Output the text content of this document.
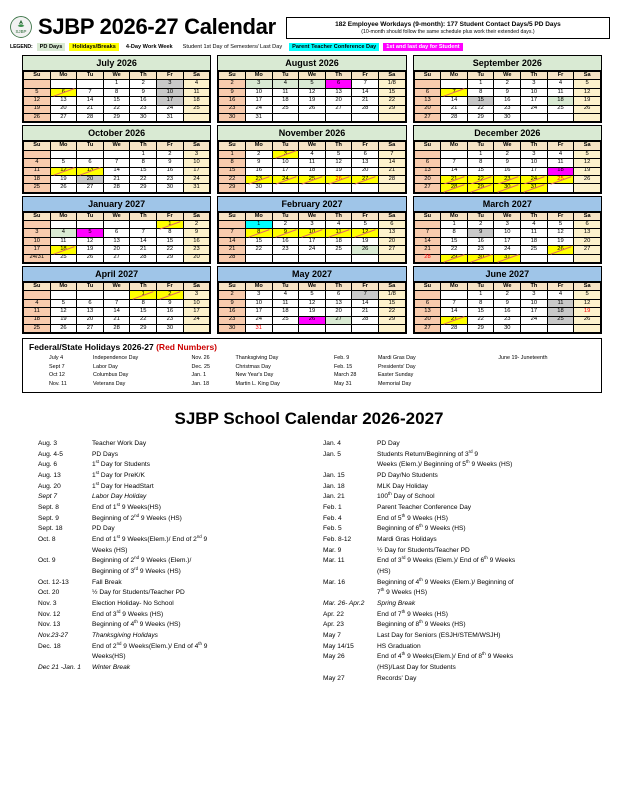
SJBP SJBP 2026-27 Calendar	182 Employee Workdays (9-month): 177 Student Contact Days/5 PD Days
(10-month should follow the same schedule plus work their extended days.)
LEGEND:	PD Days	Holidays/Breaks	4-Day Work Week	Student 1st Day of Semesters/ Last Day	Parent Teacher Conference Day	1st and last day for Student
July 2026
Su	Mo	Tu	We	Th	Fr	Sa
			1	2	3	4
5	6	7	8	9	10	11
12	13	14	15	16	17	18
19	20	21	22	23	24	25
26	27	28	29	30	31	
August 2026
Su	Mo	Tu	We	Th	Fr	Sa
2	3	4	5	6	7	1/8
9	10	11	12	13	14	15
16	17	18	19	20	21	22
23	24	25	26	27	28	29
30	31					
September 2026
Su	Mo	Tu	We	Th	Fr	Sa
		1	2	3	4	5
6	7	8	9	10	11	12
13	14	15	16	17	18	19
20	21	22	23	24	25	26
27	28	29	30			
October 2026
Su	Mo	Tu	We	Th	Fr	Sa
				1	2	3
4	5	6	7	8	9	10
11	12	13	14	15	16	17
18	19	20	21	22	23	24
25	26	27	28	29	30	31
November 2026
Su	Mo	Tu	We	Th	Fr	Sa
1	2	3	4	5	6	7
8	9	10	11	12	13	14
15	16	17	18	19	20	21
22	23	24	25	26	27	28
29	30					
December 2026
Su	Mo	Tu	We	Th	Fr	Sa
		1	2	3	4	5
6	7	8	9	10	11	12
13	14	15	16	17	18	19
20	21	22	23	24	25	26
27	28	29	30	31		
January 2027
Su	Mo	Tu	We	Th	Fr	Sa
					1	2
3	4	5	6	7	8	9
10	11	12	13	14	15	16
17	18	19	20	21	22	23
24/31	25	26	27	28	29	20
February 2027
Su	Mo	Tu	We	Th	Fr	Sa
	1	2	3	4	5	6
7	8	9	10	11	12	13
14	15	16	17	18	19	20
21	22	23	24	25	26	27
28						
March 2027
Su	Mo	Tu	We	Th	Fr	Sa
	1	2	3	4	5	6
7	8	9	10	11	12	13
14	15	16	17	18	19	20
21	22	23	24	25	26	27
28	29	30	31			
April 2027
Su	Mo	Tu	We	Th	Fr	Sa
				1	2	3
4	5	6	7	8	9	10
11	12	13	14	15	16	17
18	19	20	21	22	23	24
25	26	27	28	29	30	
May 2027
Su	Mo	Tu	We	Th	Fr	Sa
2	3	4	5	6	7	1/8
9	10	11	12	13	14	15
16	17	18	19	20	21	22
23	24	25	26	27	28	29
30	31					
June 2027
Su	Mo	Tu	We	Th	Fr	Sa
		1	2	3	4	5
6	7	8	9	10	11	12
13	14	15	16	17	18	19
20	21	22	23	24	25	26
27	28	29	30			
Federal/State Holidays 2026-27 (Red Numbers)
July 4	Independence Day
Sept 7	Labor Day
Oct 12	Columbus Day
Nov. 11	Veterans Day
Nov. 26	Thanksgiving Day
Dec. 25	Christmas Day
Jan. 1	New Year's Day
Jan. 18	Martin L. King Day
Feb. 9	Mardi Gras Day
Feb. 15	Presidents' Day
March 28	Easter Sunday
May 31	Memorial Day
June 19- Juneteenth
SJBP School Calendar 2026-2027
Aug. 3	Teacher Work Day
Aug. 4-5	PD Days
Aug. 6	1st Day for Students
Aug. 13	1st Day for PreK/K
Aug. 20	1st Day for HeadStart
Sept 7	Labor Day Holiday
Sept. 8	End of 1st 9 Weeks(HS)
Sept. 9	Beginning of 2nd 9 Weeks (HS)
Sept. 18	PD Day
Oct. 8	End of 1st 9 Weeks(Elem.)/ End of 2nd 9
Weeks (HS)
Oct. 9	Beginning of 2nd 9 Weeks (Elem.)/
Beginning of 3rd 9 Weeks (HS)
Oct. 12-13	Fall Break
Oct. 20	½ Day for Students/Teacher PD
Nov. 3	Election Holiday- No School
Nov. 12	End of 3rd 9 Weeks (HS)
Nov. 13	Beginning of 4th 9 Weeks (HS)
Nov.23-27	Thanksgiving Holidays
Dec. 18	End of 2nd 9 Weeks(Elem.)/ End of 4th 9
Weeks(HS)
Dec 21 -Jan. 1	Winter Break
Jan. 4	PD Day
Jan. 5	Students Return/Beginning of 3rd 9
Weeks (Elem.)/ Beginning of 5th 9 Weeks (HS)
Jan. 15	PD Day/No Students
Jan. 18	MLK Day Holiday
Jan. 21	100th Day of School
Feb. 1	Parent Teacher Conference Day
Feb. 4	End of 5th 9 Weeks (HS)
Feb. 5	Beginning of 6th 9 Weeks (HS)
Feb. 8-12	Mardi Gras Holidays
Mar. 9	½ Day for Students/Teacher PD
Mar. 11	End of 3rd 9 Weeks (Elem.)/ End of 6th 9 Weeks
(HS)
Mar. 16	Beginning of 4th 9 Weeks (Elem.)/ Beginning of
7th 9 Weeks (HS)
Mar. 26- Apr.2	Spring Break
Apr. 22	End of 7th 9 Weeks (HS)
Apr. 23	Beginning of 8th 9 Weeks (HS)
May 7	Last Day for Seniors (ESJH/STEM/WSJH)
May 14/15	HS Graduation
May 26	End of 4th 9 Weeks(Elem.)/ End of 8th 9 Weeks
(HS)/Last Day for Students
May 27	Records' Day
